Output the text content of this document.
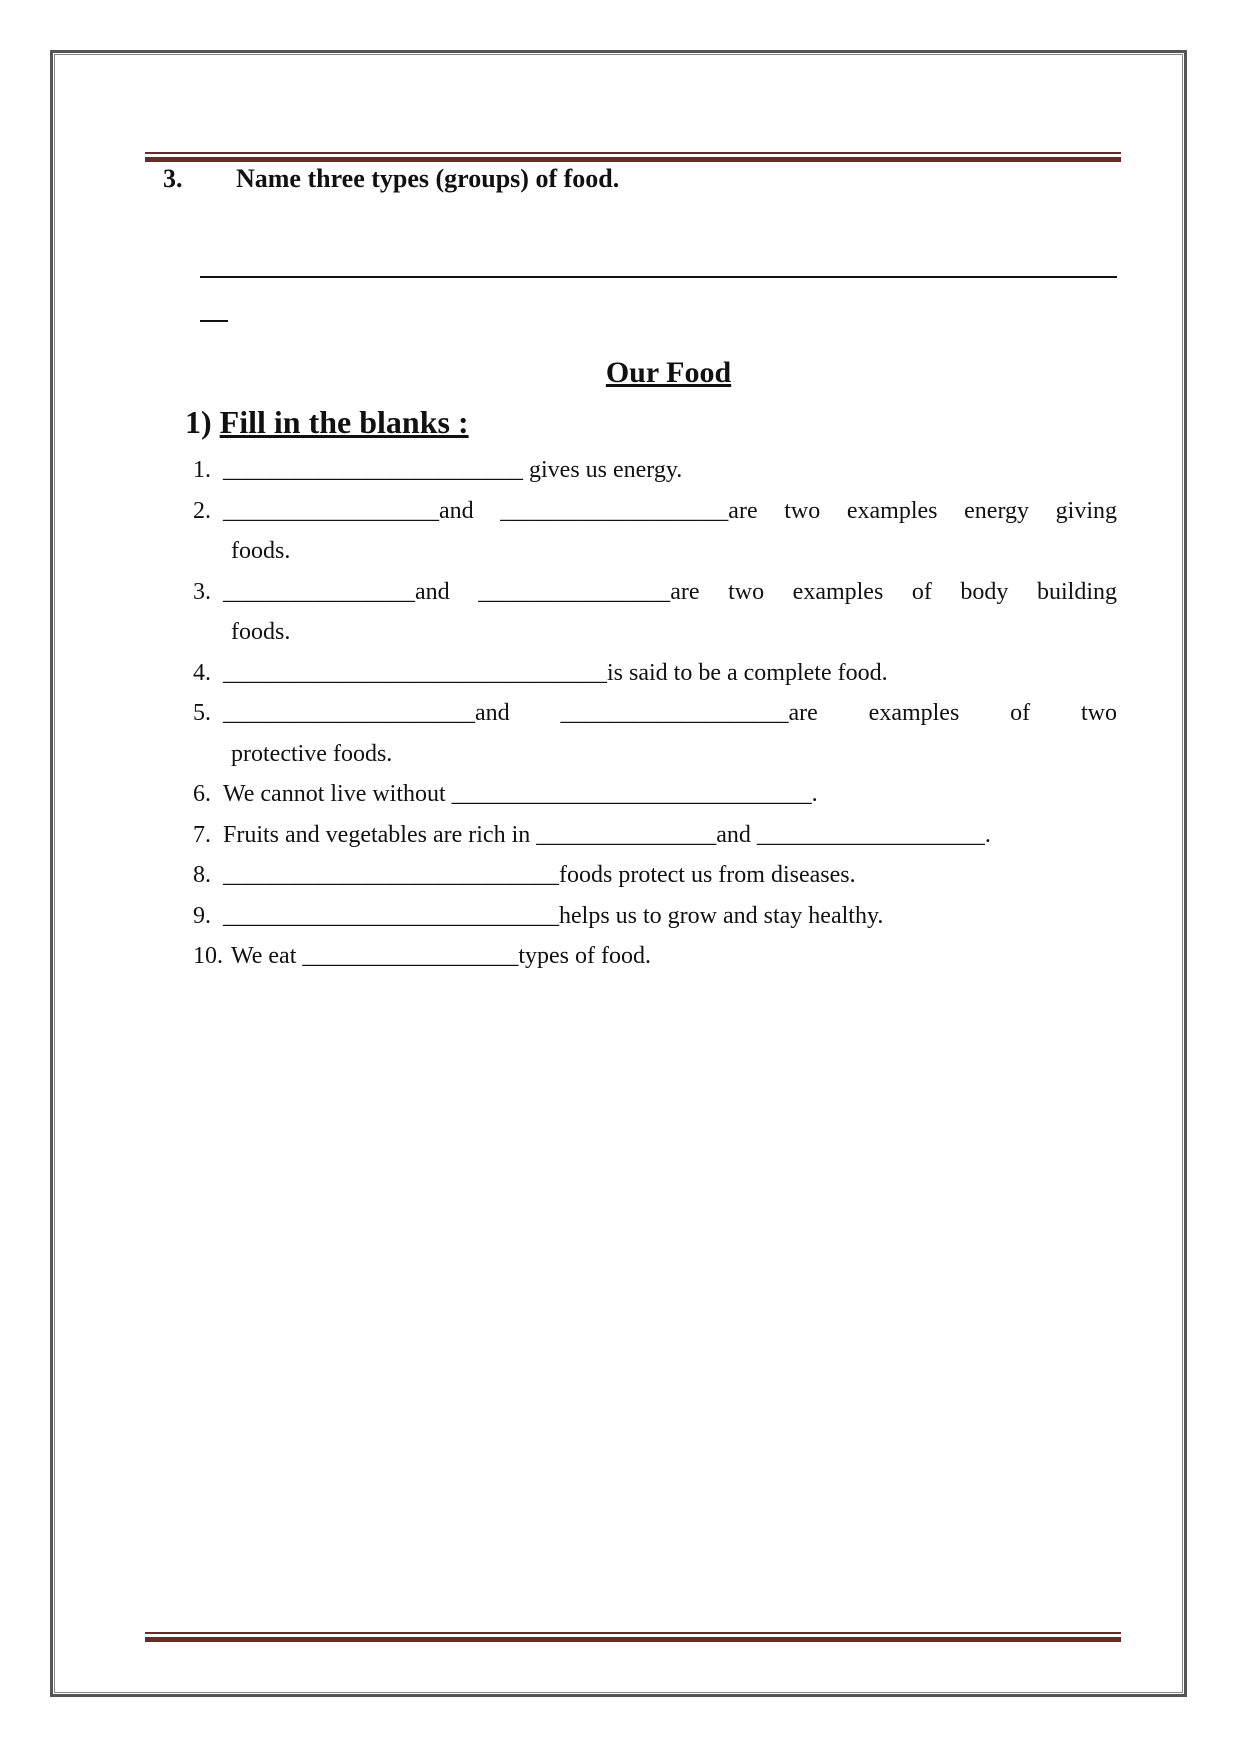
3. Name three types (groups) of food.
Our Food
1) Fill in the blanks :
1. _________________________ gives us energy.
2. __________________and ___________________are two examples energy giving
foods.
3. ________________and ________________are two examples of body building
foods.
4. ________________________________is said to be a complete food.
5. _____________________and ___________________are examples of two
protective foods.
6. We cannot live without ______________________________.
7. Fruits and vegetables are rich in _______________and ___________________.
8. ____________________________foods protect us from diseases.
9. ____________________________helps us to grow and stay healthy.
10. We eat __________________types of food.
